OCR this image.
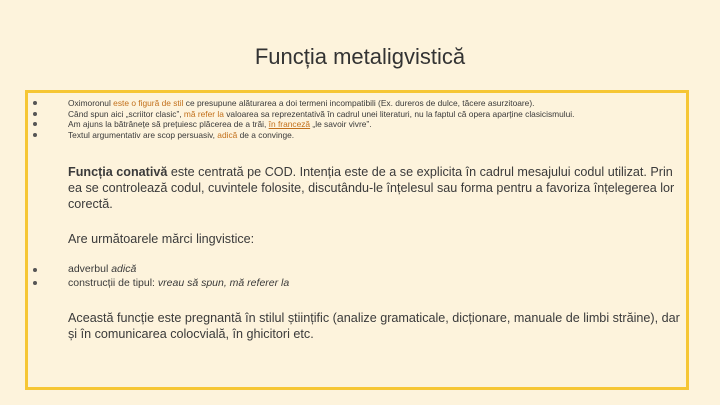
Funcția metaligvistică
Oximoronul este o figură de stil ce presupune alăturarea a doi termeni incompatibili (Ex. dureros de dulce, tăcere asurzitoare).
Când spun aici „scriitor clasic”, mă refer la valoarea sa reprezentativă în cadrul unei literaturi, nu la faptul că opera aparține clasicismului.
Am ajuns la bătrânețe să prețuiesc plăcerea de a trăi, în franceză „le savoir vivre”.
Textul argumentativ are scop persuasiv, adică de a convinge.
Funcția conativă este centrată pe COD. Intenția este de a se explicita în cadrul mesajului codul utilizat. Prin ea se controlează codul, cuvintele folosite, discutându-le înțelesul sau forma pentru a favoriza înțelegerea lor corectă.
Are următoarele mărci lingvistice:
adverbul adică
construcții de tipul: vreau să spun, mă referer la
Această funcție este pregnantă în stilul științific (analize gramaticale, dicționare, manuale de limbi străine), dar și în comunicarea colocvială, în ghicitori etc.
